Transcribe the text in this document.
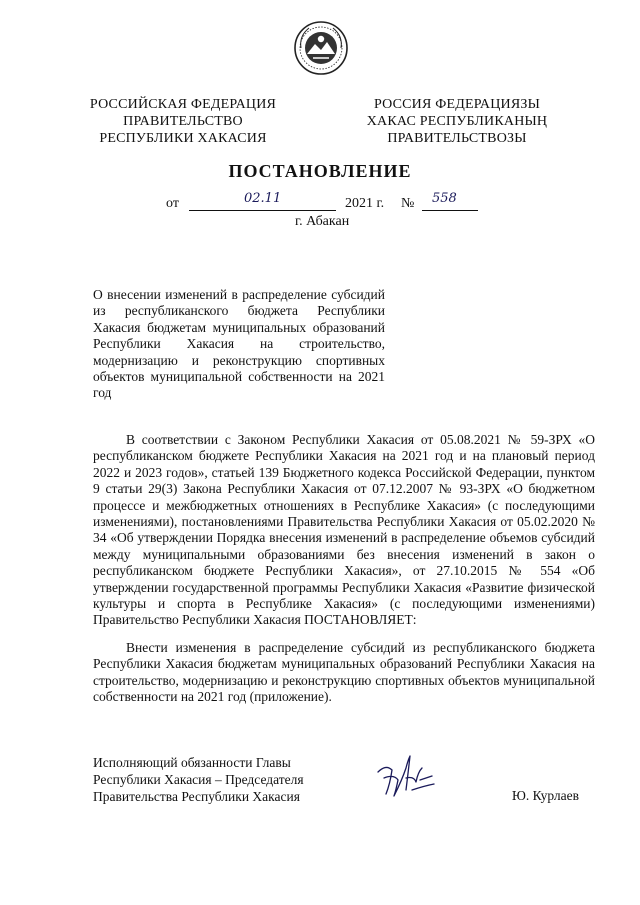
РОССИЙСКАЯ ФЕДЕРАЦИЯ
ПРАВИТЕЛЬСТВО
РЕСПУБЛИКИ ХАКАСИЯ
РОССИЯ ФЕДЕРАЦИЯЗЫ
ХАКАС РЕСПУБЛИКАНЫҢ
ПРАВИТЕЛЬСТВОЗЫ
ПОСТАНОВЛЕНИЕ
от	02.11	2021 г. № 558
г. Абакан
О внесении изменений в распределение субсидий из республиканского бюджета Республики Хакасия бюджетам муниципальных образований Республики Хакасия на строительство, модернизацию и реконструкцию спортивных объектов муниципальной собственности на 2021 год
В соответствии с Законом Республики Хакасия от 05.08.2021 № 59-ЗРХ «О республиканском бюджете Республики Хакасия на 2021 год и на плановый период 2022 и 2023 годов», статьей 139 Бюджетного кодекса Российской Федерации, пунктом 9 статьи 29(3) Закона Республики Хакасия от 07.12.2007 № 93-ЗРХ «О бюджетном процессе и межбюджетных отношениях в Республике Хакасия» (с последующими изменениями), постановлениями Правительства Республики Хакасия от 05.02.2020 № 34 «Об утверждении Порядка внесения изменений в распределение объемов субсидий между муниципальными образованиями без внесения изменений в закон о республиканском бюджете Республики Хакасия», от 27.10.2015 № 554 «Об утверждении государственной программы Республики Хакасия «Развитие физической культуры и спорта в Республике Хакасия» (с последующими изменениями) Правительство Республики Хакасия ПОСТАНОВЛЯЕТ:
Внести изменения в распределение субсидий из республиканского бюджета Республики Хакасия бюджетам муниципальных образований Республики Хакасия на строительство, модернизацию и реконструкцию спортивных объектов муниципальной собственности на 2021 год (приложение).
Исполняющий обязанности Главы
Республики Хакасия – Председателя
Правительства Республики Хакасия	Ю. Курлаев
